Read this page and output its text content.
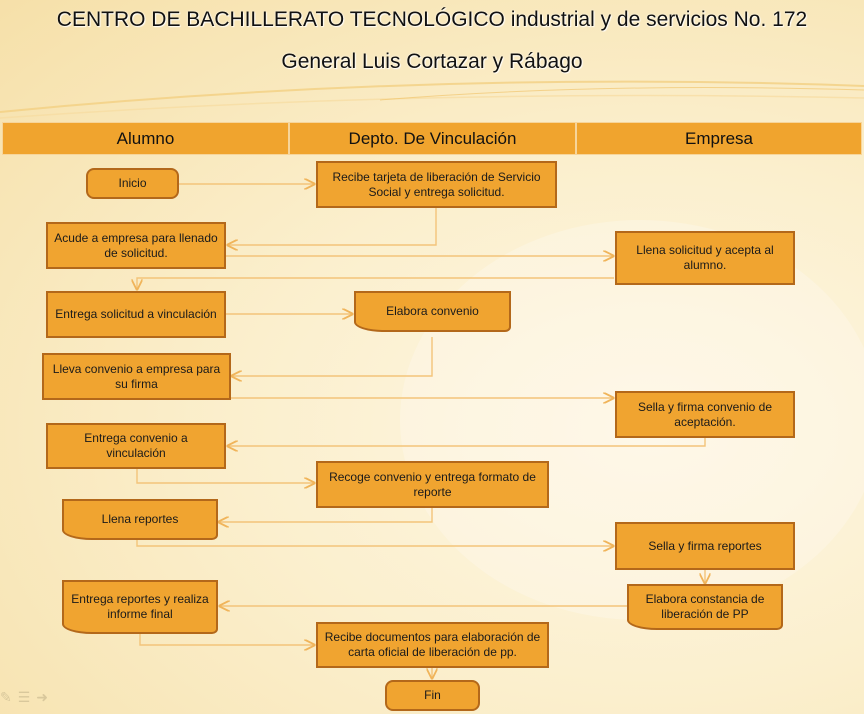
CENTRO DE BACHILLERATO TECNOLÓGICO industrial y de servicios No. 172
General Luis Cortazar y Rábago
Alumno	Depto. De Vinculación	Empresa
Inicio
Acude a empresa para llenado de solicitud.
Entrega solicitud a vinculación
Lleva convenio a empresa para su firma
Entrega convenio a vinculación
Llena reportes
Entrega reportes y realiza informe final
Recibe tarjeta de liberación de Servicio Social y entrega solicitud.
Elabora convenio
Recoge convenio y entrega formato de reporte
Recibe documentos para elaboración de carta oficial de liberación de pp.
Fin
Llena solicitud y acepta al alumno.
Sella y firma convenio de aceptación.
Sella y firma reportes
Elabora constancia de liberación de PP
✎ ☰ ➜
